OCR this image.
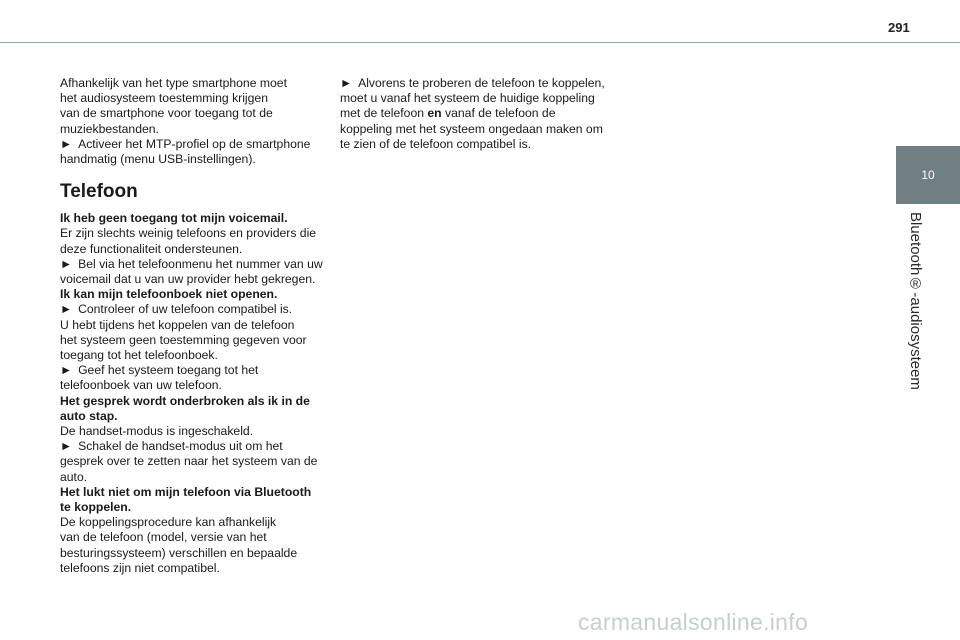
291
10
Bluetooth®-audiosysteem

Afhankelijk van het type smartphone moet

het audiosysteem toestemming krijgen

van de smartphone voor toegang tot de

muziekbestanden.

► Activeer het MTP-profiel op de smartphone

handmatig (menu USB-instellingen).

Telefoon

Ik heb geen toegang tot mijn voicemail.

Er zijn slechts weinig telefoons en providers die

deze functionaliteit ondersteunen.

► Bel via het telefoonmenu het nummer van uw

voicemail dat u van uw provider hebt gekregen.

Ik kan mijn telefoonboek niet openen.

► Controleer of uw telefoon compatibel is.

U hebt tijdens het koppelen van de telefoon

het systeem geen toestemming gegeven voor

toegang tot het telefoonboek.

► Geef het systeem toegang tot het

telefoonboek van uw telefoon.

Het gesprek wordt onderbroken als ik in de

auto stap.

De handset-modus is ingeschakeld.

► Schakel de handset-modus uit om het

gesprek over te zetten naar het systeem van de

auto.

Het lukt niet om mijn telefoon via Bluetooth

te koppelen.

De koppelingsprocedure kan afhankelijk

van de telefoon (model, versie van het

besturingssysteem) verschillen en bepaalde

telefoons zijn niet compatibel.

► Alvorens te proberen de telefoon te koppelen,

moet u vanaf het systeem de huidige koppeling

met de telefoon en vanaf de telefoon de

koppeling met het systeem ongedaan maken om

te zien of de telefoon compatibel is.

carmanualsonline.info
